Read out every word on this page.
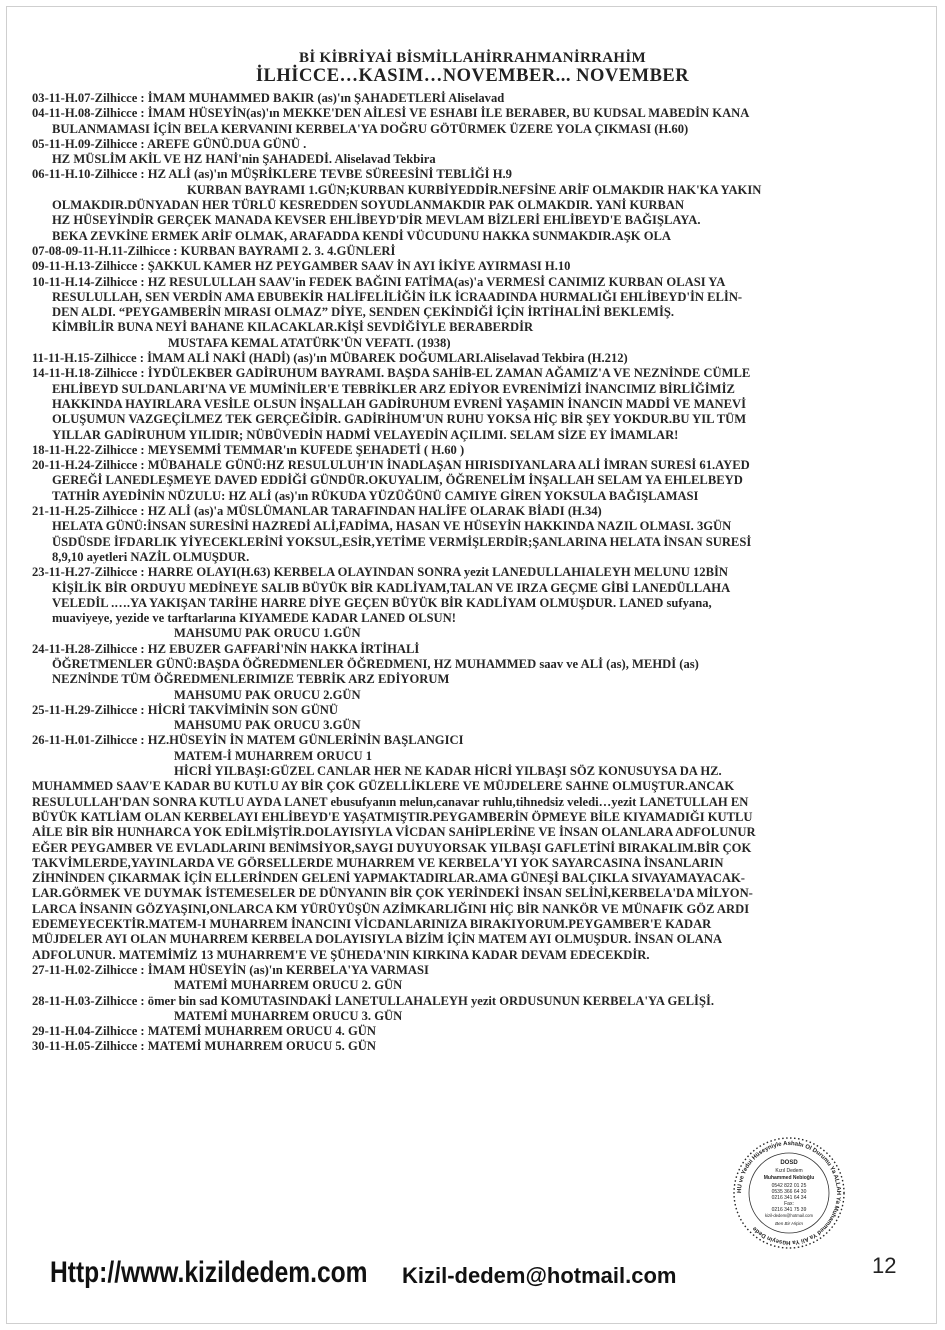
Bİ KİBRİYAİ BİSMİLLAHİRRAHMANİRRAHİM
İLHİCCE…KASIM…NOVEMBER... NOVEMBER
03-11-H.07-Zilhicce : İMAM MUHAMMED BAKIR (as)'ın ŞAHADETLERİ Aliselavad
04-11-H.08-Zilhicce : İMAM HÜSEYİN(as)'ın MEKKE'DEN AİLESİ VE ESHABI İLE BERABER, BU KUDSAL MABEDİN KANA
BULANMAMASI İÇİN BELA KERVANINI KERBELA'YA DOĞRU GÖTÜRMEK ÜZERE YOLA ÇIKMASI (H.60)
05-11-H.09-Zilhicce : AREFE GÜNÜ.DUA GÜNÜ .
HZ MÜSLİM AKİL VE HZ HANİ'nin ŞAHADEDİ. Aliselavad Tekbira
06-11-H.10-Zilhicce : HZ ALİ (as)'ın MÜŞRİKLERE TEVBE SÜREESİNİ TEBLİĞİ H.9
KURBAN BAYRAMI 1.GÜN;KURBAN KURBİYEDDİR.NEFSİNE ARİF OLMAKDIR HAK'KA YAKIN
OLMAKDIR.DÜNYADAN HER TÜRLÜ KESREDDEN SOYUDLANMAKDIR PAK OLMAKDIR. YANİ KURBAN
HZ HÜSEYİNDİR GERÇEK MANADA KEVSER EHLİBEYD'DİR MEVLAM BİZLERİ EHLİBEYD'E BAĞIŞLAYA.
BEKA ZEVKİNE ERMEK ARİF OLMAK, ARAFADDA KENDİ VÜCUDUNU HAKKA SUNMAKDIR.AŞK OLA
07-08-09-11-H.11-Zilhicce : KURBAN BAYRAMI 2. 3. 4.GÜNLERİ
09-11-H.13-Zilhicce : ŞAKKUL KAMER HZ PEYGAMBER SAAV İN AYI İKİYE AYIRMASI H.10
10-11-H.14-Zilhicce : HZ RESULULLAH SAAV'in FEDEK BAĞINI FATİMA(as)'a VERMESİ CANIMIZ KURBAN OLASI YA
RESULULLAH, SEN VERDİN AMA EBUBEKİR HALİFELİLİĞİN İLK İCRAADINDA HURMALIĞI EHLİBEYD'İN ELİN-
DEN ALDI. “PEYGAMBERİN MIRASI OLMAZ” DİYE, SENDEN ÇEKİNDİĞİ İÇİN İRTİHALİNİ BEKLEMİŞ.
KİMBİLİR BUNA NEYİ BAHANE KILACAKLAR.KİŞİ SEVDİĞİYLE BERABERDİR
MUSTAFA KEMAL ATATÜRK'ÜN VEFATI. (1938)
11-11-H.15-Zilhicce : İMAM ALİ NAKİ (HADİ) (as)'ın MÜBAREK DOĞUMLARI.Aliselavad Tekbira (H.212)
14-11-H.18-Zilhicce : İYDÜLEKBER GADİRUHUM BAYRAMI. BAŞDA SAHİB-EL ZAMAN AĞAMIZ'A VE NEZNİNDE CÜMLE
EHLİBEYD SULDANLARI'NA VE MUMİNİLER'E TEBRİKLER ARZ EDİYOR EVRENİMİZİ İNANCIMIZ BİRLİĞİMİZ
HAKKINDA HAYIRLARA VESİLE OLSUN İNŞALLAH GADİRUHUM EVRENİ YAŞAMIN İNANCIN MADDİ VE MANEVİ
OLUŞUMUN VAZGEÇİLMEZ TEK GERÇEĞİDİR. GADİRİHUM'UN RUHU YOKSA HİÇ BİR ŞEY YOKDUR.BU YIL TÜM
YILLAR GADİRUHUM YILIDIR; NÜBÜVEDİN HADMİ VELAYEDİN AÇILIMI. SELAM SİZE EY İMAMLAR!
18-11-H.22-Zilhicce : MEYSEMMİ TEMMAR'ın KUFEDE ŞEHADETİ ( H.60 )
20-11-H.24-Zilhicce : MÜBAHALE GÜNÜ:HZ RESULULUH'IN İNADLAŞAN HIRISDIYANLARA ALİ İMRAN SURESİ 61.AYED
GEREĞİ LANEDLEŞMEYE DAVED EDDİĞİ GÜNDÜR.OKUYALIM, ÖĞRENELİM İNŞALLAH SELAM YA EHLELBEYD
TATHİR AYEDİNİN NÜZULU: HZ ALİ (as)'ın RÜKUDA YÜZÜĞÜNÜ CAMIYE GİREN YOKSULA BAĞIŞLAMASI
21-11-H.25-Zilhicce : HZ ALİ (as)'a MÜSLÜMANLAR TARAFINDAN HALİFE OLARAK BİADI (H.34)
HELATA GÜNÜ:İNSAN SURESİNİ HAZREDİ ALİ,FADİMA, HASAN VE HÜSEYİN HAKKINDA NAZIL OLMASI. 3GÜN
ÜSDÜSDE İFDARLIK YİYECEKLERİNİ YOKSUL,ESİR,YETİME VERMİŞLERDİR;ŞANLARINA HELATA İNSAN SURESİ
8,9,10 ayetleri NAZİL OLMUŞDUR.
23-11-H.27-Zilhicce : HARRE OLAYI(H.63) KERBELA OLAYINDAN SONRA yezit LANEDULLAHIALEYH MELUNU 12BİN
KİŞİLİK BİR ORDUYU MEDİNEYE SALIB BÜYÜK BİR KADLİYAM,TALAN VE IRZA GEÇME GİBİ LANEDÜLLAHA
VELEDİL .….YA YAKIŞAN TARİHE HARRE DİYE GEÇEN BÜYÜK BİR KADLİYAM OLMUŞDUR. LANED sufyana,
muaviyeye, yezide ve tarftarlarına KIYAMEDE KADAR LANED OLSUN!
MAHSUMU PAK ORUCU 1.GÜN
24-11-H.28-Zilhicce : HZ EBUZER GAFFARİ'NİN HAKKA İRTİHALİ
ÖĞRETMENLER GÜNÜ:BAŞDA ÖĞREDMENLER ÖĞREDMENI, HZ MUHAMMED saav ve ALİ (as), MEHDİ (as)
NEZNİNDE TÜM ÖĞREDMENLERIMIZE TEBRİK ARZ EDİYORUM
MAHSUMU PAK ORUCU 2.GÜN
25-11-H.29-Zilhicce : HİCRİ TAKVİMİNİN SON GÜNÜ
MAHSUMU PAK ORUCU 3.GÜN
26-11-H.01-Zilhicce : HZ.HÜSEYİN İN MATEM GÜNLERİNİN BAŞLANGICI
MATEM-İ MUHARREM ORUCU 1
HİCRİ YILBAŞI:GÜZEL CANLAR HER NE KADAR HİCRİ YILBAŞI SÖZ KONUSUYSA DA HZ.
MUHAMMED SAAV'E KADAR BU KUTLU AY BİR ÇOK GÜZELLİKLERE VE MÜJDELERE SAHNE OLMUŞTUR.ANCAK
RESULULLAH'DAN SONRA KUTLU AYDA LANET ebusufyanın melun,canavar ruhlu,tihnedsiz veledi…yezit LANETULLAH EN
BÜYÜK KATLİAM OLAN KERBELAYI EHLİBEYD'E YAŞATMIŞTIR.PEYGAMBERİN ÖPMEYE BİLE KIYAMADIĞI KUTLU
AİLE BİR BİR HUNHARCA YOK EDİLMİŞTİR.DOLAYISIYLA VİCDAN SAHİPLERİNE VE İNSAN OLANLARA ADFOLUNUR
EĞER PEYGAMBER VE EVLADLARINI BENİMSİYOR,SAYGI DUYUYORSAK YILBAŞI GAFLETİNİ BIRAKALIM.BİR ÇOK
TAKVİMLERDE,YAYINLARDA VE GÖRSELLERDE MUHARREM VE KERBELA'YI YOK SAYARCASINA İNSANLARIN
ZİHNİNDEN ÇIKARMAK İÇİN ELLERİNDEN GELENİ YAPMAKTADIRLAR.AMA GÜNEŞİ BALÇIKLA SIVAYAMAYACAK-
LAR.GÖRMEK VE DUYMAK İSTEMESELER DE DÜNYANIN BİR ÇOK YERİNDEKİ İNSAN SELİNİ,KERBELA'DA MİLYON-
LARCA İNSANIN GÖZYAŞINI,ONLARCA KM YÜRÜYÜŞÜN AZİMKARLIĞINI HİÇ BİR NANKÖR VE MÜNAFIK GÖZ ARDI
EDEMEYECEKTİR.MATEM-I MUHARREM İNANCINI VİCDANLARINIZA BIRAKIYORUM.PEYGAMBER'E KADAR
MÜJDELER AYI OLAN MUHARREM KERBELA DOLAYISIYLA BİZİM İÇİN MATEM AYI OLMUŞDUR. İNSAN OLANA
ADFOLUNUR. MATEMİMİZ 13 MUHARREM'E VE ŞÜHEDA'NIN KIRKINA KADAR DEVAM EDECEKDİR.
27-11-H.02-Zilhicce : İMAM HÜSEYİN (as)'ın KERBELA'YA VARMASI
MATEMİ MUHARREM ORUCU 2. GÜN
28-11-H.03-Zilhicce : ömer bin sad KOMUTASINDAKİ LANETULLAHALEYH yezit ORDUSUNUN KERBELA'YA GELİŞİ.
MATEMİ MUHARREM ORUCU 3. GÜN
29-11-H.04-Zilhicce : MATEMİ MUHARREM ORUCU 4. GÜN
30-11-H.05-Zilhicce : MATEMİ MUHARREM ORUCU 5. GÜN
HU ve Yedui Hüseyniyle Ashabı Ol Durumu Ya ALLAH Ya Muhammed Ya Ali Ya Hüseyin Dede
DOSD
Kızıl Dedem
Muhammed Nebioğlu
0542 822 01 25
0535 366 64 30
0216 341 64 34
Fax:
0216 341 75 39
kizil-dedem@hotmail.com
Ben Bir Hiçim
Http://www.kizildedem.com Kizil-dedem@hotmail.com	12
